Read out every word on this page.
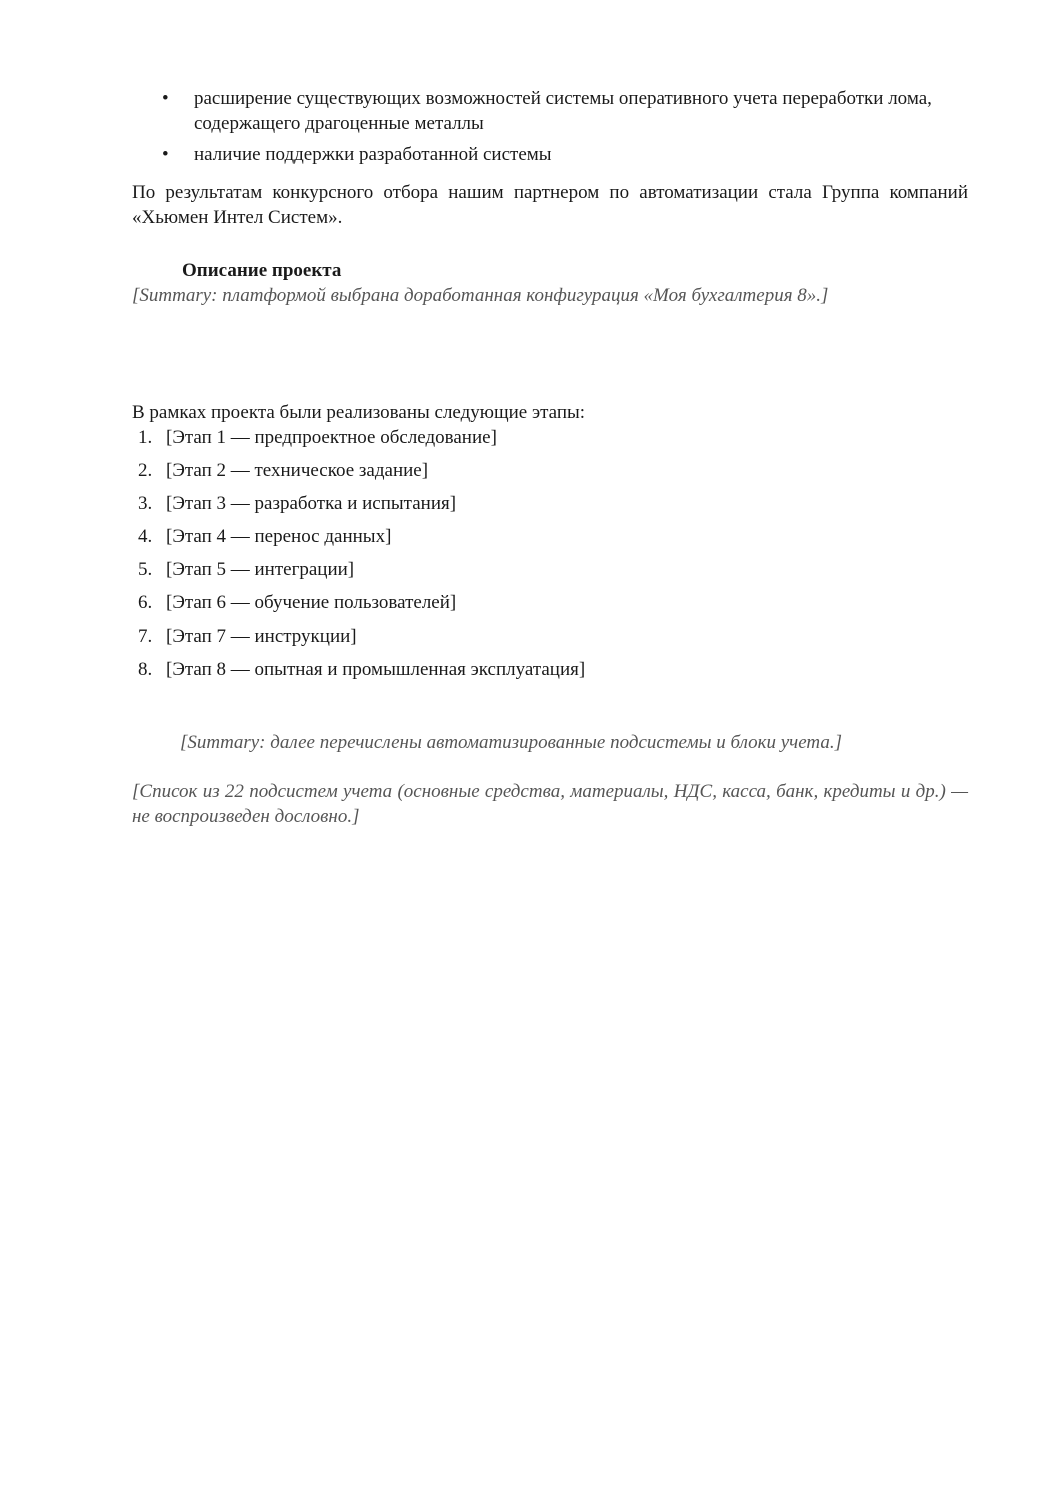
• расширение существующих возможностей системы оперативного учета переработки лома, содержащего драгоценные металлы
• наличие поддержки разработанной системы

По результатам конкурсного отбора нашим партнером по автоматизации стала Группа компаний «Хьюмен Интел Систем».

Описание проекта

[Summary: платформой выбрана доработанная конфигурация «Моя бухгалтерия 8».]

В рамках проекта были реализованы следующие этапы:

1. [Этап 1 — предпроектное обследование]
2. [Этап 2 — техническое задание]
3. [Этап 3 — разработка и испытания]
4. [Этап 4 — перенос данных]
5. [Этап 5 — интеграции]
6. [Этап 6 — обучение пользователей]
7. [Этап 7 — инструкции]
8. [Этап 8 — опытная и промышленная эксплуатация]

[Summary: далее перечислены автоматизированные подсистемы и блоки учета.]

[Список из 22 подсистем учета (основные средства, материалы, НДС, касса, банк, кредиты и др.) — не воспроизведен дословно.]
